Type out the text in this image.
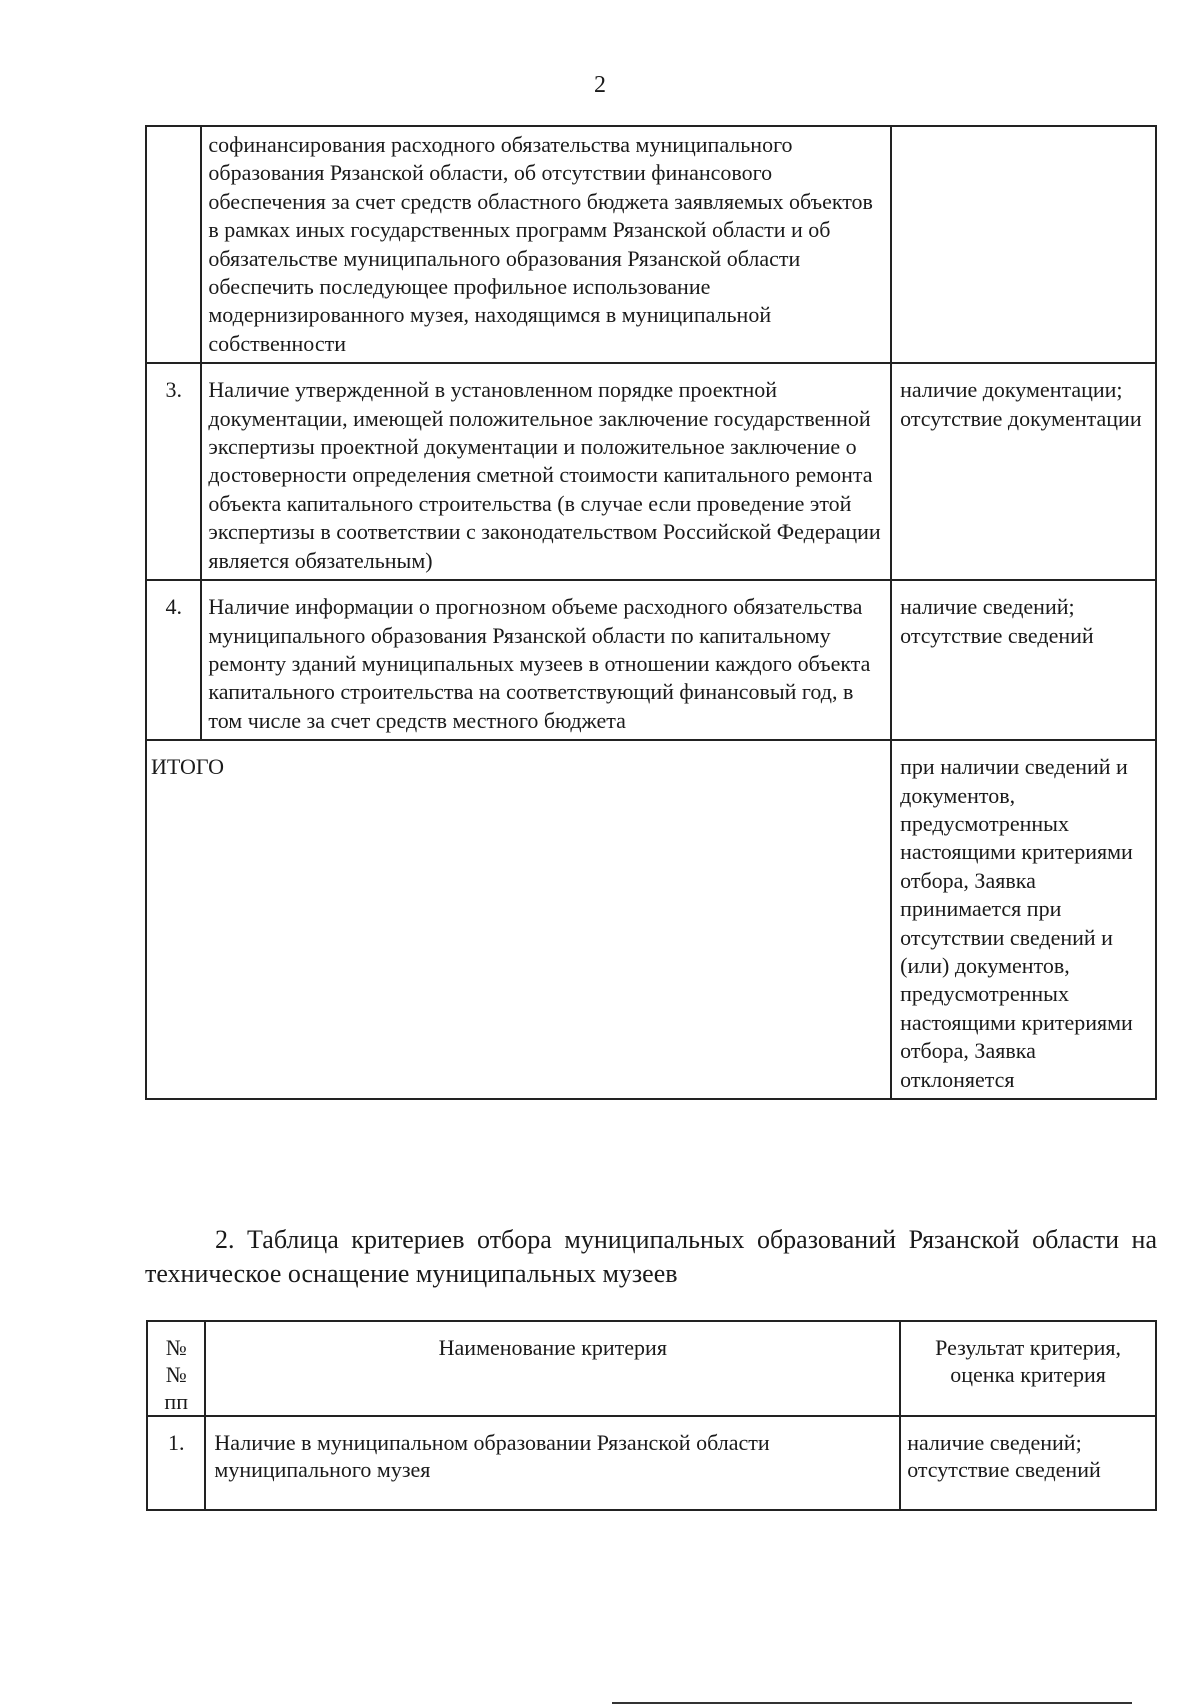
2
	софинансирования расходного обязательства муниципального образования Рязанской области, об отсутствии финансового обеспечения за счет средств областного бюджета заявляемых объектов в рамках иных государственных программ Рязанской области и об обязательстве муниципального образования Рязанской области обеспечить последующее профильное использование модернизированного музея, находящимся в муниципальной собственности	
3.	Наличие утвержденной в установленном порядке проектной документации, имеющей положительное заключение государственной экспертизы проектной документации и положительное заключение о достоверности определения сметной стоимости капитального ремонта объекта капитального строительства (в случае если проведение этой экспертизы в соответствии с законодательством Российской Федерации является обязательным)	наличие документации; отсутствие документации
4.	Наличие информации о прогнозном объеме расходного обязательства муниципального образования Рязанской области по капитальному ремонту зданий муниципальных музеев в отношении каждого объекта капитального строительства на соответствующий финансовый год, в том числе за счет средств местного бюджета	наличие сведений; отсутствие сведений
ИТОГО		при наличии сведений и документов, предусмотренных настоящими критериями отбора, Заявка принимается при отсутствии сведений и (или) документов, предусмотренных настоящими критериями отбора, Заявка отклоняется

2. Таблица критериев отбора муниципальных образований Рязанской области на техническое оснащение муниципальных музеев

№
№
пп	Наименование критерия	Результат критерия, оценка критерия
1.	Наличие в муниципальном образовании Рязанской области муниципального музея	наличие сведений; отсутствие сведений
